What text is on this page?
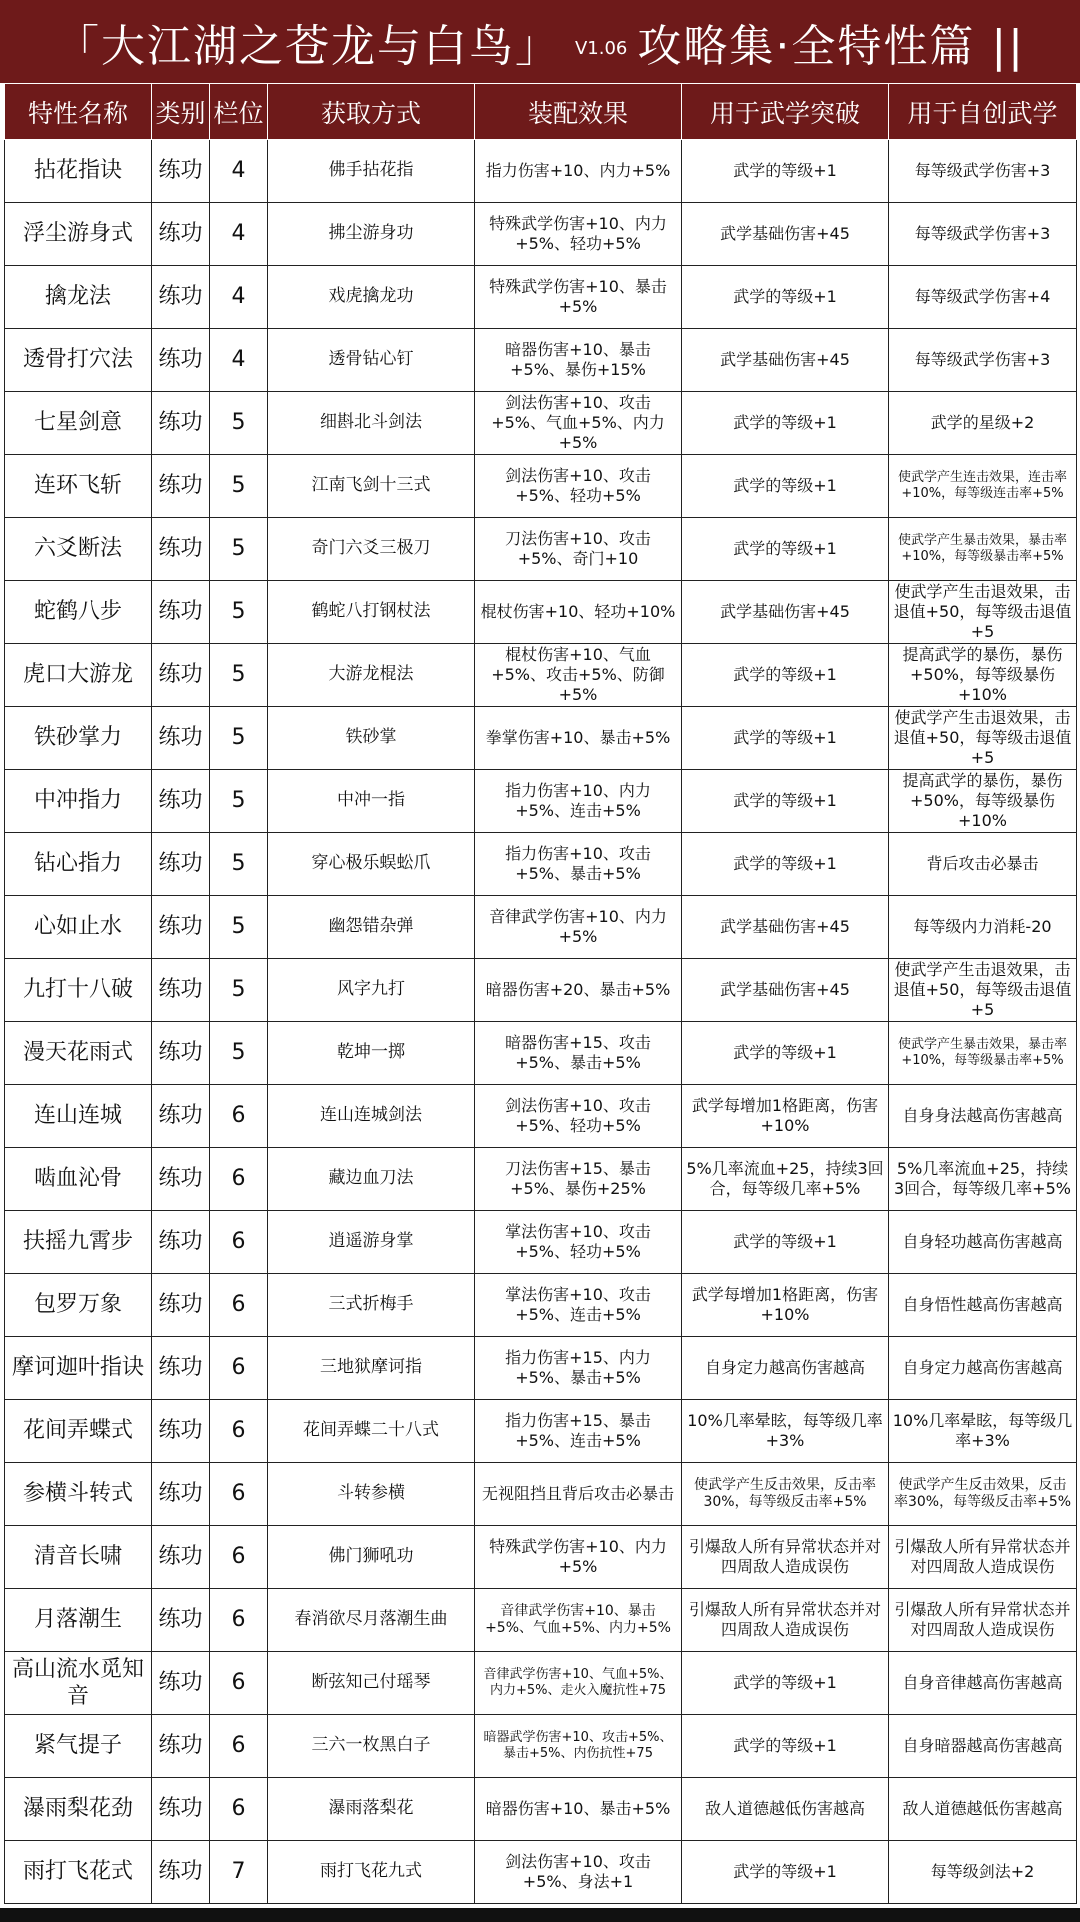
「大江湖之苍龙与白鸟」 V1.06 攻略集·全特性篇 ||
特性名称	类别	栏位	获取方式	装配效果	用于武学突破	用于自创武学
拈花指诀	练功	4	佛手拈花指	指力伤害+10、内力+5%	武学的等级+1	每等级武学伤害+3
浮尘游身式	练功	4	拂尘游身功	特殊武学伤害+10、内力+5%、轻功+5%	武学基础伤害+45	每等级武学伤害+3
擒龙法	练功	4	戏虎擒龙功	特殊武学伤害+10、暴击+5%	武学的等级+1	每等级武学伤害+4
透骨打穴法	练功	4	透骨钻心钉	暗器伤害+10、暴击+5%、暴伤+15%	武学基础伤害+45	每等级武学伤害+3
七星剑意	练功	5	细斟北斗剑法	剑法伤害+10、攻击+5%、气血+5%、内力+5%	武学的等级+1	武学的星级+2
连环飞斩	练功	5	江南飞剑十三式	剑法伤害+10、攻击+5%、轻功+5%	武学的等级+1	使武学产生连击效果，连击率+10%，每等级连击率+5%
六爻断法	练功	5	奇门六爻三极刀	刀法伤害+10、攻击+5%、奇门+10	武学的等级+1	使武学产生暴击效果，暴击率+10%，每等级暴击率+5%
蛇鹤八步	练功	5	鹤蛇八打钢杖法	棍杖伤害+10、轻功+10%	武学基础伤害+45	使武学产生击退效果，击退值+50，每等级击退值+5
虎口大游龙	练功	5	大游龙棍法	棍杖伤害+10、气血+5%、攻击+5%、防御+5%	武学的等级+1	提高武学的暴伤，暴伤+50%，每等级暴伤+10%
铁砂掌力	练功	5	铁砂掌	拳掌伤害+10、暴击+5%	武学的等级+1	使武学产生击退效果，击退值+50，每等级击退值+5
中冲指力	练功	5	中冲一指	指力伤害+10、内力+5%、连击+5%	武学的等级+1	提高武学的暴伤，暴伤+50%，每等级暴伤+10%
钻心指力	练功	5	穿心极乐蜈蚣爪	指力伤害+10、攻击+5%、暴击+5%	武学的等级+1	背后攻击必暴击
心如止水	练功	5	幽怨错杂弹	音律武学伤害+10、内力+5%	武学基础伤害+45	每等级内力消耗-20
九打十八破	练功	5	风字九打	暗器伤害+20、暴击+5%	武学基础伤害+45	使武学产生击退效果，击退值+50，每等级击退值+5
漫天花雨式	练功	5	乾坤一掷	暗器伤害+15、攻击+5%、暴击+5%	武学的等级+1	使武学产生暴击效果，暴击率+10%，每等级暴击率+5%
连山连城	练功	6	连山连城剑法	剑法伤害+10、攻击+5%、轻功+5%	武学每增加1格距离，伤害+10%	自身身法越高伤害越高
啮血沁骨	练功	6	藏边血刀法	刀法伤害+15、暴击+5%、暴伤+25%	5%几率流血+25，持续3回合，每等级几率+5%	5%几率流血+25，持续3回合，每等级几率+5%
扶摇九霄步	练功	6	逍遥游身掌	掌法伤害+10、攻击+5%、轻功+5%	武学的等级+1	自身轻功越高伤害越高
包罗万象	练功	6	三式折梅手	掌法伤害+10、攻击+5%、连击+5%	武学每增加1格距离，伤害+10%	自身悟性越高伤害越高
摩诃迦叶指诀	练功	6	三地狱摩诃指	指力伤害+15、内力+5%、暴击+5%	自身定力越高伤害越高	自身定力越高伤害越高
花间弄蝶式	练功	6	花间弄蝶二十八式	指力伤害+15、暴击+5%、连击+5%	10%几率晕眩，每等级几率+3%	10%几率晕眩，每等级几率+3%
参横斗转式	练功	6	斗转参横	无视阻挡且背后攻击必暴击	使武学产生反击效果，反击率30%，每等级反击率+5%	使武学产生反击效果，反击率30%，每等级反击率+5%
清音长啸	练功	6	佛门狮吼功	特殊武学伤害+10、内力+5%	引爆敌人所有异常状态并对四周敌人造成误伤	引爆敌人所有异常状态并对四周敌人造成误伤
月落潮生	练功	6	春消欲尽月落潮生曲	音律武学伤害+10、暴击+5%、气血+5%、内力+5%	引爆敌人所有异常状态并对四周敌人造成误伤	引爆敌人所有异常状态并对四周敌人造成误伤
高山流水觅知音	练功	6	断弦知己付瑶琴	音律武学伤害+10、气血+5%、内力+5%、走火入魔抗性+75	武学的等级+1	自身音律越高伤害越高
紧气提子	练功	6	三六一枚黑白子	暗器武学伤害+10、攻击+5%、暴击+5%、内伤抗性+75	武学的等级+1	自身暗器越高伤害越高
瀑雨梨花劲	练功	6	瀑雨落梨花	暗器伤害+10、暴击+5%	敌人道德越低伤害越高	敌人道德越低伤害越高
雨打飞花式	练功	7	雨打飞花九式	剑法伤害+10、攻击+5%、身法+1	武学的等级+1	每等级剑法+2
